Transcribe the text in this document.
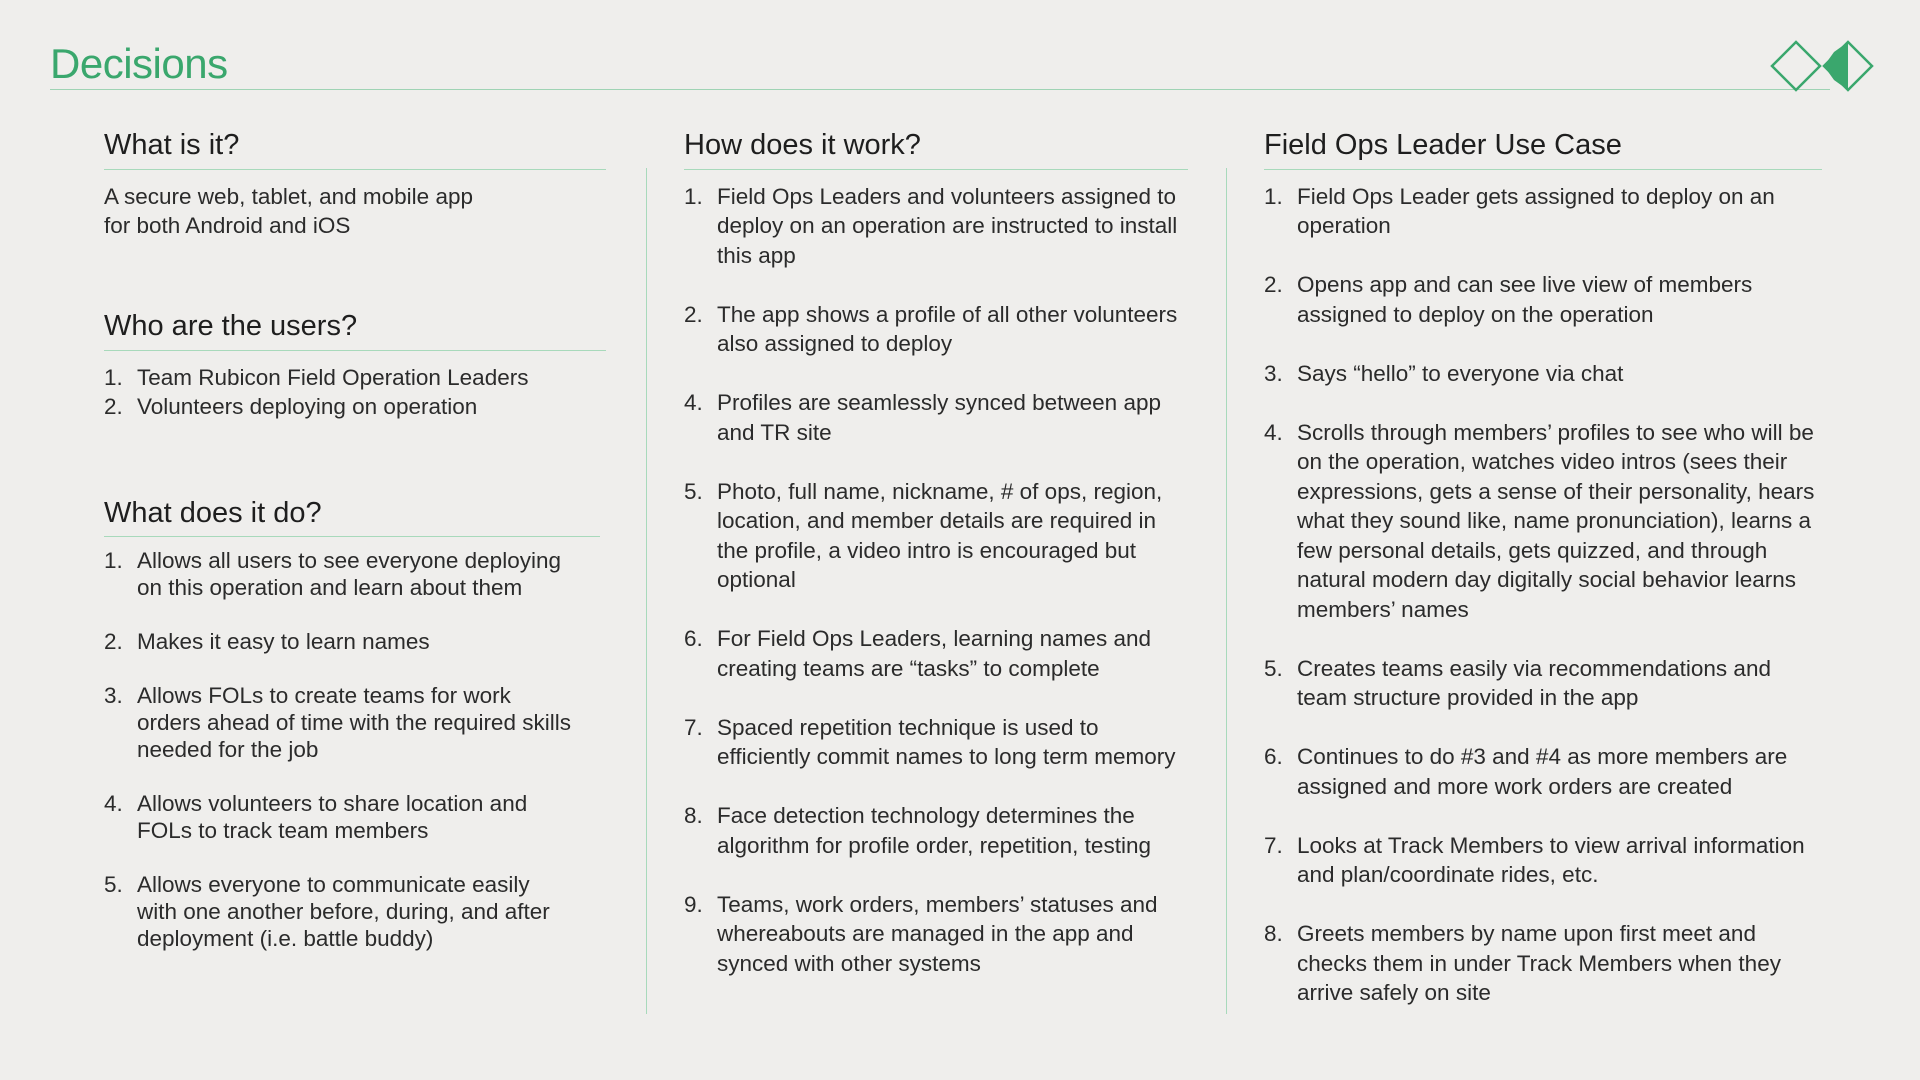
Decisions
What is it?

A secure web, tablet, and mobile app for both Android and iOS

Who are the users?
1. Team Rubicon Field Operation Leaders
2. Volunteers deploying on operation
What does it do?
1. Allows all users to see everyone deploying on this operation and learn about them
2. Makes it easy to learn names
3. Allows FOLs to create teams for work orders ahead of time with the required skills needed for the job
4. Allows volunteers to share location and FOLs to track team members
5. Allows everyone to communicate easily with one another before, during, and after deployment (i.e. battle buddy)
How does it work?
1. Field Ops Leaders and volunteers assigned to deploy on an operation are instructed to install this app
2. The app shows a profile of all other volunteers also assigned to deploy
4. Profiles are seamlessly synced between app and TR site
5. Photo, full name, nickname, # of ops, region, location, and member details are required in the profile, a video intro is encouraged but optional
6. For Field Ops Leaders, learning names and creating teams are “tasks” to complete
7. Spaced repetition technique is used to efficiently commit names to long term memory
8. Face detection technology determines the algorithm for profile order, repetition, testing
9. Teams, work orders, members’ statuses and whereabouts are managed in the app and synced with other systems
Field Ops Leader Use Case
1. Field Ops Leader gets assigned to deploy on an operation
2. Opens app and can see live view of members assigned to deploy on the operation
3. Says “hello” to everyone via chat
4. Scrolls through members’ profiles to see who will be on the operation, watches video intros (sees their expressions, gets a sense of their personality, hears what they sound like, name pronunciation), learns a few personal details, gets quizzed, and through natural modern day digitally social behavior learns members’ names
5. Creates teams easily via recommendations and team structure provided in the app
6. Continues to do #3 and #4 as more members are assigned and more work orders are created
7. Looks at Track Members to view arrival information and plan/coordinate rides, etc.
8. Greets members by name upon first meet and checks them in under Track Members when they arrive safely on site
